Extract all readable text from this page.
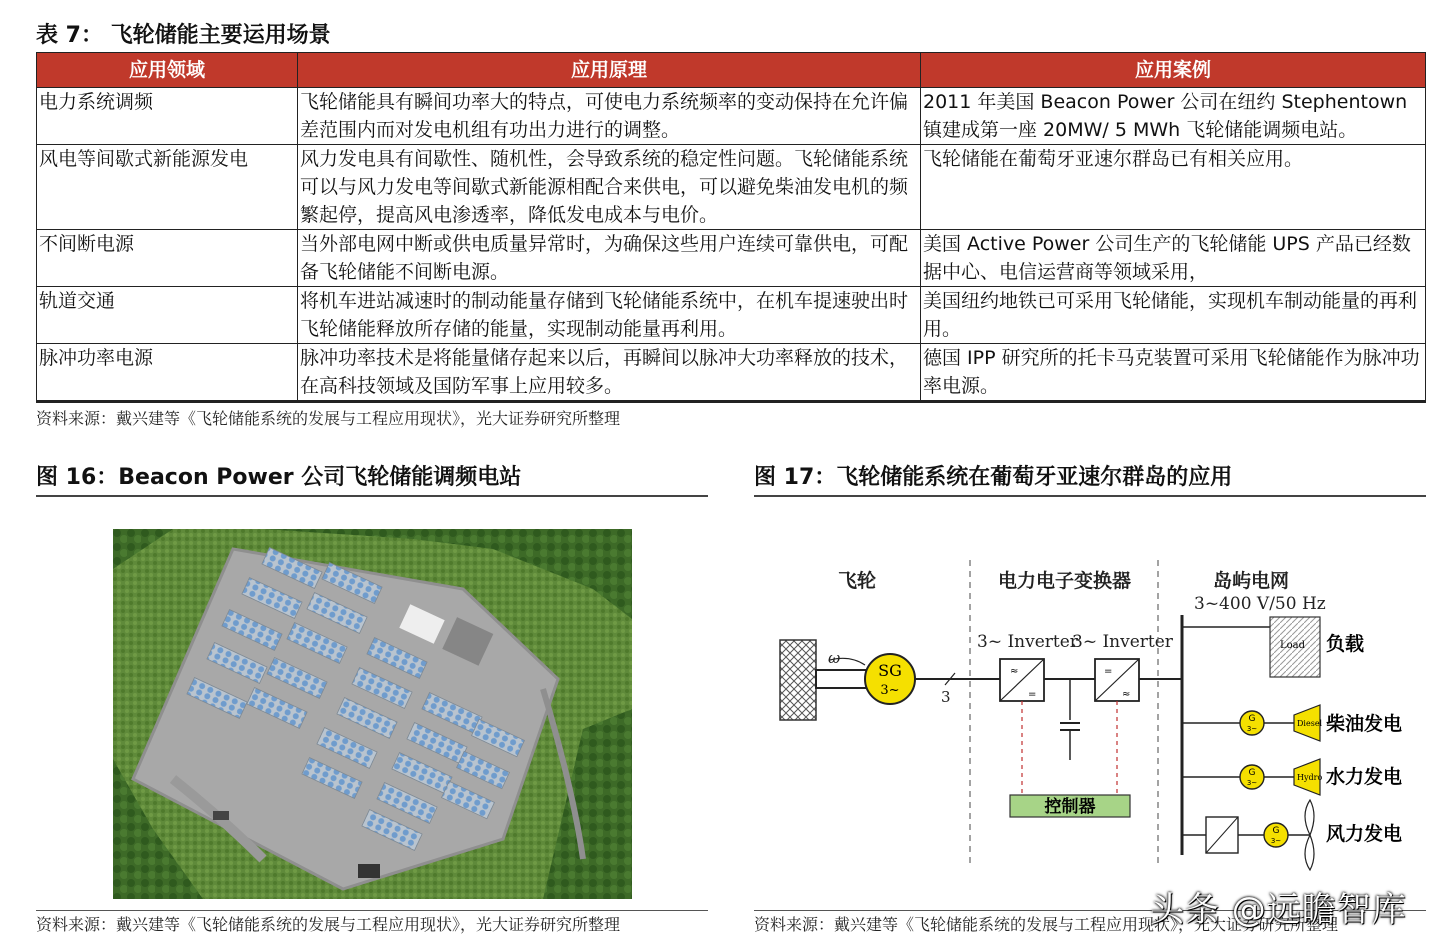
表 7： 飞轮储能主要运用场景
应用领域	应用原理	应用案例
电力系统调频	飞轮储能具有瞬间功率大的特点，可使电力系统频率的变动保持在允许偏差范围内而对发电机组有功出力进行的调整。	2011 年美国 Beacon Power 公司在纽约 Stephentown 镇建成第一座 20MW/ 5 MWh 飞轮储能调频电站。
风电等间歇式新能源发电	风力发电具有间歇性、随机性，会导致系统的稳定性问题。飞轮储能系统可以与风力发电等间歇式新能源相配合来供电，可以避免柴油发电机的频繁起停，提高风电渗透率，降低发电成本与电价。	飞轮储能在葡萄牙亚速尔群岛已有相关应用。
不间断电源	当外部电网中断或供电质量异常时，为确保这些用户连续可靠供电，可配备飞轮储能不间断电源。	美国 Active Power 公司生产的飞轮储能 UPS 产品已经数据中心、电信运营商等领域采用，
轨道交通	将机车进站减速时的制动能量存储到飞轮储能系统中，在机车提速驶出时飞轮储能释放所存储的能量，实现制动能量再利用。	美国纽约地铁已可采用飞轮储能，实现机车制动能量的再利用。
脉冲功率电源	脉冲功率技术是将能量储存起来以后，再瞬间以脉冲大功率释放的技术，在高科技领域及国防军事上应用较多。	德国 IPP 研究所的托卡马克装置可采用飞轮储能作为脉冲功率电源。
资料来源：戴兴建等《飞轮储能系统的发展与工程应用现状》，光大证券研究所整理
图 16：Beacon Power 公司飞轮储能调频电站
资料来源：戴兴建等《飞轮储能系统的发展与工程应用现状》，光大证券研究所整理
图 17：飞轮储能系统在葡萄牙亚速尔群岛的应用
飞轮	电力电子变换器	岛屿电网
3~400 V/50 Hz
3~ Inverter
3~ Inverter
ω
3
SG
3~
≈
=
=
≈
控制器
Load 负载
G
3~
Diesel 柴油发电
G
3~
Hydro 水力发电
G
3~ 风力发电
资料来源：戴兴建等《飞轮储能系统的发展与工程应用现状》，光大证券研究所整理
头条 @远瞻智库
